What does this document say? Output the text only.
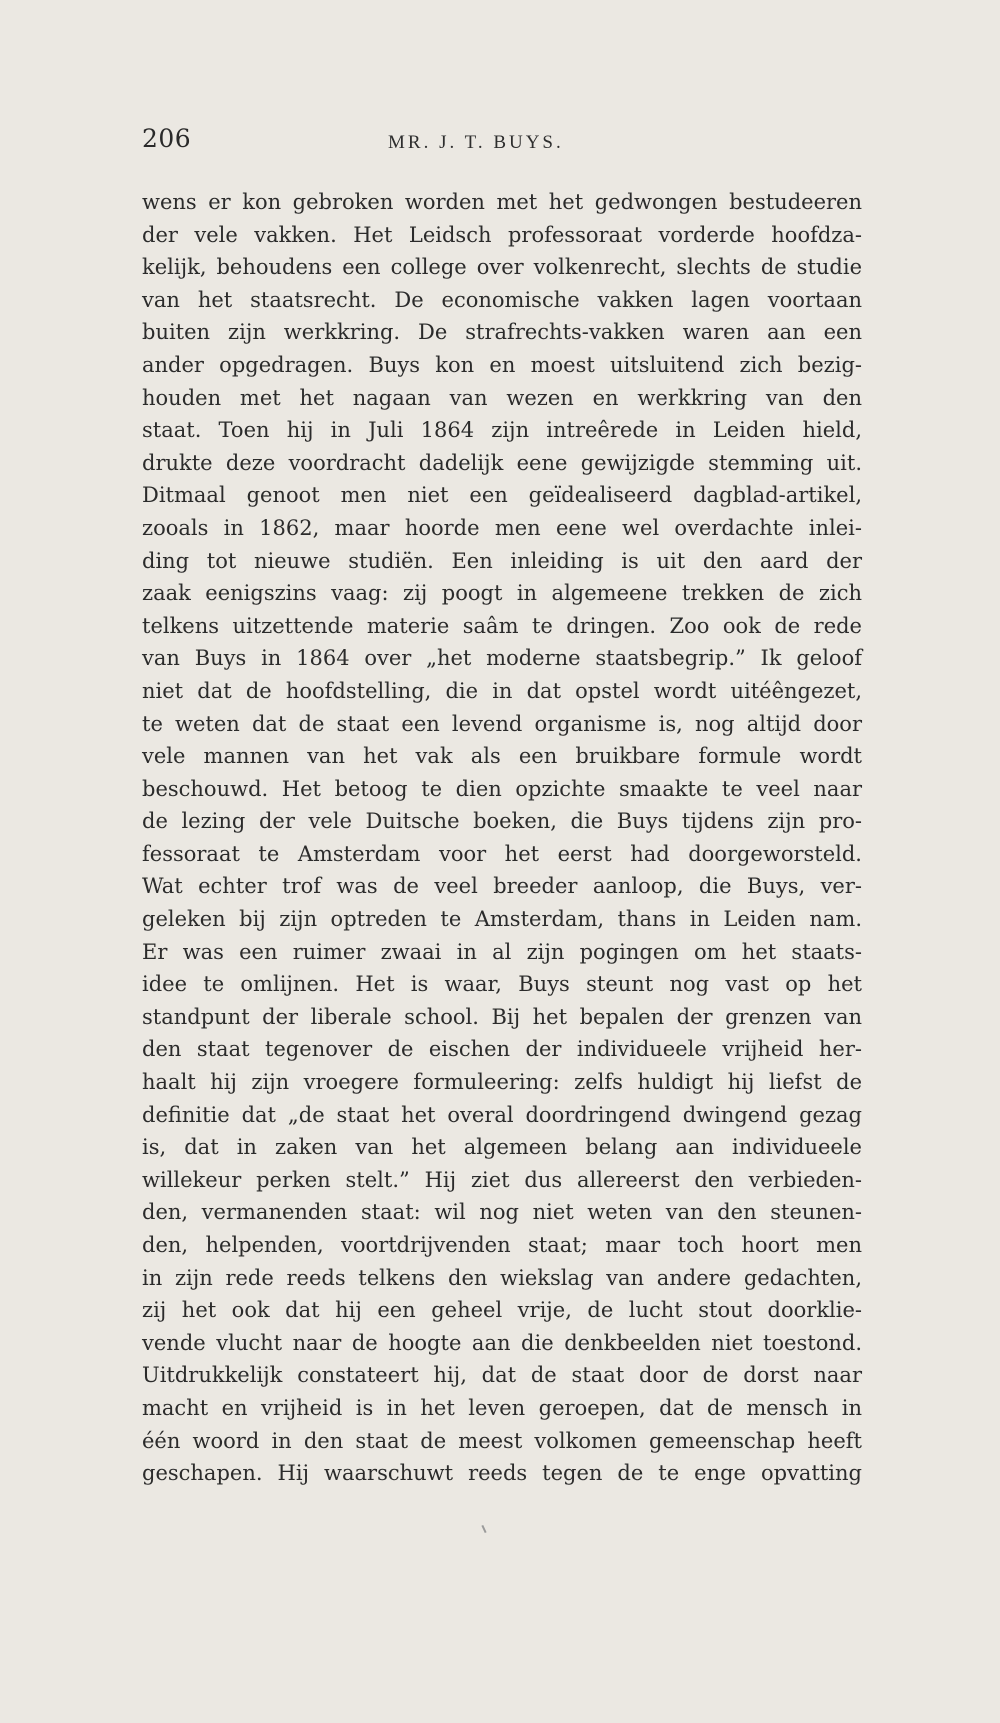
206	MR. J. T. BUYS.
wens er kon gebroken worden met het gedwongen bestudeeren
der vele vakken. Het Leidsch professoraat vorderde hoofdza-
kelijk, behoudens een college over volkenrecht, slechts de studie
van het staatsrecht. De economische vakken lagen voortaan
buiten zijn werkkring. De strafrechts-vakken waren aan een
ander opgedragen. Buys kon en moest uitsluitend zich bezig-
houden met het nagaan van wezen en werkkring van den
staat. Toen hij in Juli 1864 zijn intreêrede in Leiden hield,
drukte deze voordracht dadelijk eene gewijzigde stemming uit.
Ditmaal genoot men niet een geïdealiseerd dagblad-artikel,
zooals in 1862, maar hoorde men eene wel overdachte inlei-
ding tot nieuwe studiën. Een inleiding is uit den aard der
zaak eenigszins vaag: zij poogt in algemeene trekken de zich
telkens uitzettende materie saâm te dringen. Zoo ook de rede
van Buys in 1864 over „het moderne staatsbegrip.” Ik geloof
niet dat de hoofdstelling, die in dat opstel wordt uitéêngezet,
te weten dat de staat een levend organisme is, nog altijd door
vele mannen van het vak als een bruikbare formule wordt
beschouwd. Het betoog te dien opzichte smaakte te veel naar
de lezing der vele Duitsche boeken, die Buys tijdens zijn pro-
fessoraat te Amsterdam voor het eerst had doorgeworsteld.
Wat echter trof was de veel breeder aanloop, die Buys, ver-
geleken bij zijn optreden te Amsterdam, thans in Leiden nam.
Er was een ruimer zwaai in al zijn pogingen om het staats-
idee te omlijnen. Het is waar, Buys steunt nog vast op het
standpunt der liberale school. Bij het bepalen der grenzen van
den staat tegenover de eischen der individueele vrijheid her-
haalt hij zijn vroegere formuleering: zelfs huldigt hij liefst de
definitie dat „de staat het overal doordringend dwingend gezag
is, dat in zaken van het algemeen belang aan individueele
willekeur perken stelt.” Hij ziet dus allereerst den verbieden-
den, vermanenden staat: wil nog niet weten van den steunen-
den, helpenden, voortdrijvenden staat; maar toch hoort men
in zijn rede reeds telkens den wiekslag van andere gedachten,
zij het ook dat hij een geheel vrije, de lucht stout doorklie-
vende vlucht naar de hoogte aan die denkbeelden niet toestond.
Uitdrukkelijk constateert hij, dat de staat door de dorst naar
macht en vrijheid is in het leven geroepen, dat de mensch in
één woord in den staat de meest volkomen gemeenschap heeft
geschapen. Hij waarschuwt reeds tegen de te enge opvatting
